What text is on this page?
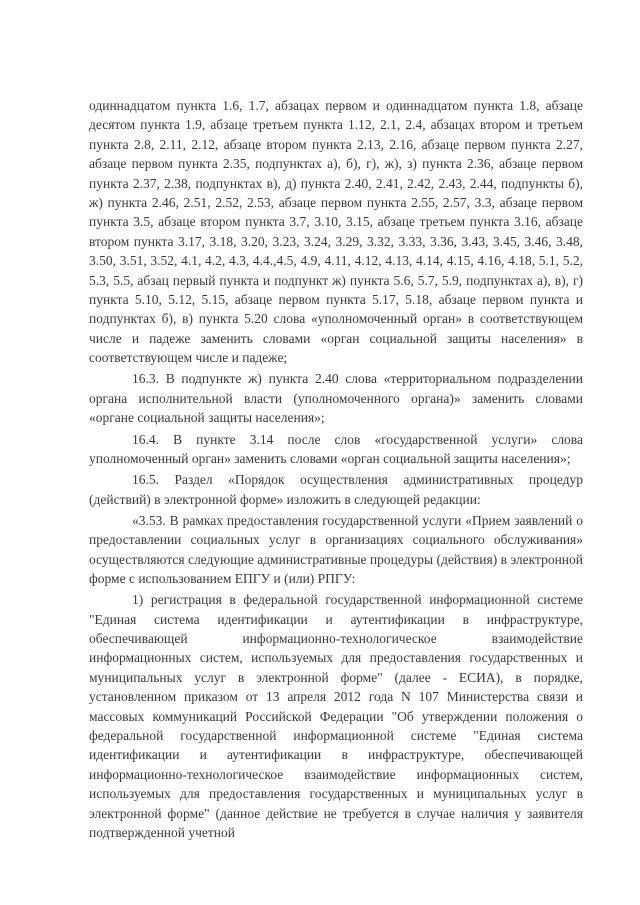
одиннадцатом пункта 1.6, 1.7, абзацах первом и одиннадцатом пункта 1.8, абзаце десятом пункта 1.9, абзаце третьем пункта 1.12, 2.1, 2.4, абзацах втором и третьем пункта 2.8, 2.11, 2.12, абзаце втором пункта 2.13, 2.16, абзаце первом пункта 2.27, абзаце первом пункта 2.35, подпунктах а), б), г), ж), з) пункта 2.36, абзаце первом пункта 2.37, 2.38, подпунктах в), д) пункта 2.40, 2.41, 2.42, 2.43, 2.44, подпункты б), ж) пункта 2.46, 2.51, 2.52, 2.53, абзаце первом пункта 2.55, 2.57, 3.3, абзаце первом пункта 3.5, абзаце втором пункта 3.7, 3.10, 3.15, абзаце третьем пункта 3.16, абзаце втором пункта 3.17, 3.18, 3.20, 3.23, 3.24, 3.29, 3.32, 3.33, 3.36, 3.43, 3.45, 3.46, 3.48, 3.50, 3.51, 3.52, 4.1, 4.2, 4.3, 4.4.,4.5, 4.9, 4.11, 4.12, 4.13, 4.14, 4.15, 4.16, 4.18, 5.1, 5.2, 5.3, 5.5, абзац первый пункта и подпункт ж) пункта 5.6, 5.7, 5.9, подпунктах а), в), г) пункта 5.10, 5.12, 5.15, абзаце первом пункта 5.17, 5.18, абзаце первом пункта и подпунктах б), в) пункта 5.20 слова «уполномоченный орган» в соответствующем числе и падеже заменить словами «орган социальной защиты населения» в соответствующем числе и падеже;

16.3. В подпункте ж) пункта 2.40 слова «территориальном подразделении органа исполнительной власти (уполномоченного органа)» заменить словами «органе социальной защиты населения»;

16.4. В пункте 3.14 после слов «государственной услуги» слова уполномоченный орган» заменить словами «орган социальной защиты населения»;

16.5. Раздел «Порядок осуществления административных процедур (действий) в электронной форме» изложить в следующей редакции:

«3.53. В рамках предоставления государственной услуги «Прием заявлений о предоставлении социальных услуг в организациях социального обслуживания» осуществляются следующие административные процедуры (действия) в электронной форме с использованием ЕПГУ и (или) РПГУ:

1) регистрация в федеральной государственной информационной системе "Единая система идентификации и аутентификации в инфраструктуре, обеспечивающей информационно-технологическое взаимодействие информационных систем, используемых для предоставления государственных и муниципальных услуг в электронной форме" (далее - ЕСИА), в порядке, установленном приказом от 13 апреля 2012 года N 107 Министерства связи и массовых коммуникаций Российской Федерации "Об утверждении положения о федеральной государственной информационной системе "Единая система идентификации и аутентификации в инфраструктуре, обеспечивающей информационно-технологическое взаимодействие информационных систем, используемых для предоставления государственных и муниципальных услуг в электронной форме" (данное действие не требуется в случае наличия у заявителя подтвержденной учетной
